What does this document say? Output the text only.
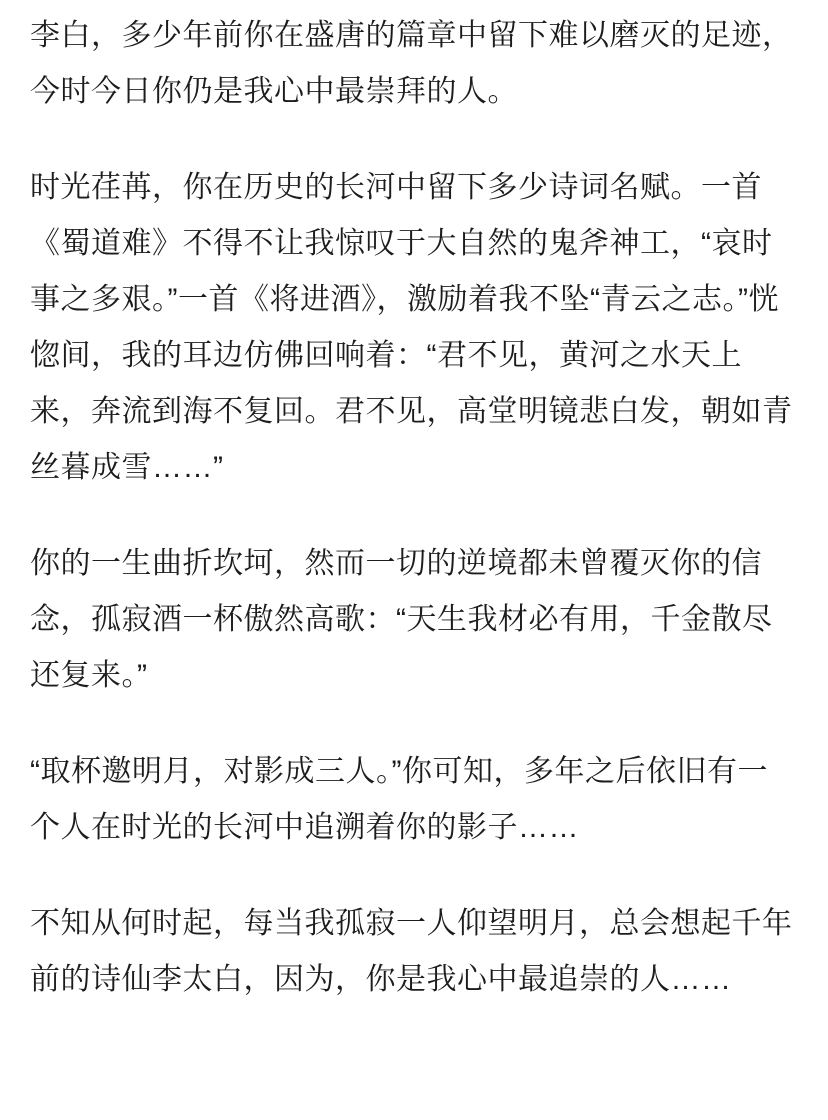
李白，多少年前你在盛唐的篇章中留下难以磨灭的足迹，今时今日你仍是我心中最崇拜的人。

时光荏苒，你在历史的长河中留下多少诗词名赋。一首《蜀道难》不得不让我惊叹于大自然的鬼斧神工，“哀时事之多艰。”一首《将进酒》，激励着我不坠“青云之志。”恍惚间，我的耳边仿佛回响着：“君不见，黄河之水天上来，奔流到海不复回。君不见，高堂明镜悲白发，朝如青丝暮成雪……”

你的一生曲折坎坷，然而一切的逆境都未曾覆灭你的信念，孤寂酒一杯傲然高歌：“天生我材必有用，千金散尽还复来。”

“取杯邀明月，对影成三人。”你可知，多年之后依旧有一个人在时光的长河中追溯着你的影子……

不知从何时起，每当我孤寂一人仰望明月，总会想起千年前的诗仙李太白，因为，你是我心中最追崇的人……
